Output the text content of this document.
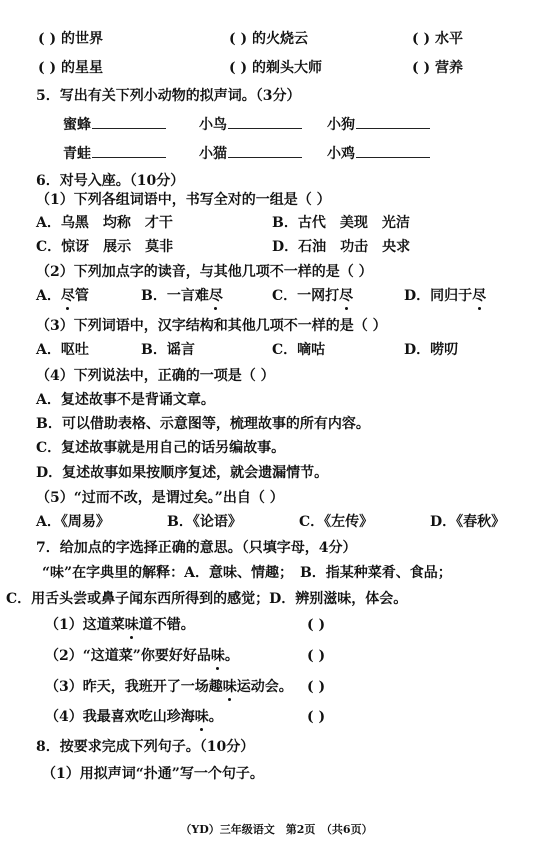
( ) 的世界	( ) 的火烧云	( ) 水平
( ) 的星星	( ) 的剃头大师	( ) 营养
5．写出有关下列小动物的拟声词。（3分）
蜜蜂	小鸟	小狗
青蛙	小猫	小鸡
6．对号入座。（10分）
（1）下列各组词语中，书写全对的一组是（ ）
A．乌黑　均称　才干	B．古代　美现　光洁
C．惊讶　展示　莫非	D．石油　功击　央求
（2）下列加点字的读音，与其他几项不一样的是（ ）
A．尽管	B．一言难尽	C．一网打尽	D．同归于尽
（3）下列词语中，汉字结构和其他几项不一样的是（ ）
A．呕吐	B．谣言	C．嘀咕	D．唠叨
（4）下列说法中，正确的一项是（ ）
A．复述故事不是背诵文章。
B．可以借助表格、示意图等，梳理故事的所有内容。
C．复述故事就是用自己的话另编故事。
D．复述故事如果按顺序复述，就会遗漏情节。
（5）“过而不改，是谓过矣。”出自（ ）
A．《周易》	B．《论语》	C．《左传》	D．《春秋》
7．给加点的字选择正确的意思。（只填字母，4分）
“味”在字典里的解释：A．意味、情趣；　B．指某种菜肴、食品；
C．用舌头尝或鼻子闻东西所得到的感觉；D．辨别滋味，体会。
（1）这道菜味道不错。	( )
（2）“这道菜”你要好好品味。	( )
（3）昨天，我班开了一场趣味运动会。 ( )
（4）我最喜欢吃山珍海味。	( )
8．按要求完成下列句子。（10分）
（1）用拟声词“扑通”写一个句子。
（YD）三年级语文　第2页　（共6页）
